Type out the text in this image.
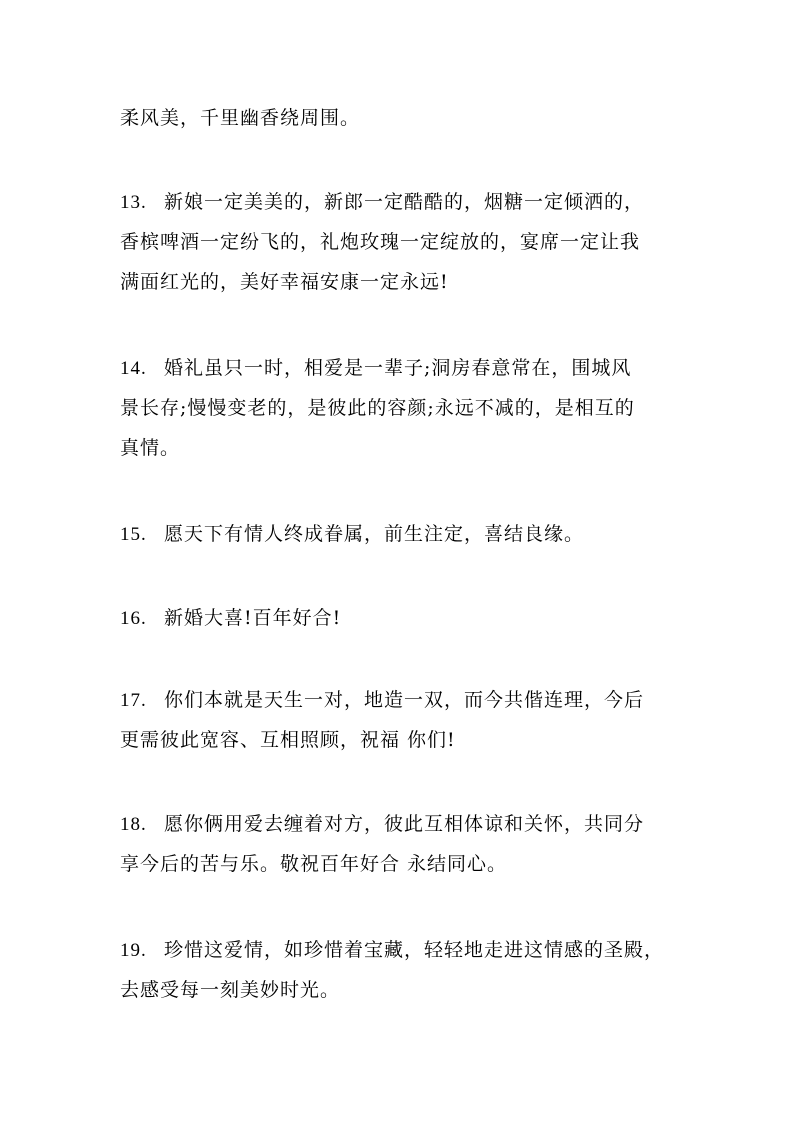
柔风美，千里幽香绕周围。

13. 新娘一定美美的，新郎一定酷酷的，烟糖一定倾洒的，
香槟啤酒一定纷飞的，礼炮玫瑰一定绽放的，宴席一定让我
满面红光的，美好幸福安康一定永远!

14. 婚礼虽只一时，相爱是一辈子;洞房春意常在，围城风
景长存;慢慢变老的，是彼此的容颜;永远不减的，是相互的
真情。

15. 愿天下有情人终成眷属，前生注定，喜结良缘。

16. 新婚大喜!百年好合!

17. 你们本就是天生一对，地造一双，而今共偕连理，今后
更需彼此宽容、互相照顾，祝福 你们!

18. 愿你俩用爱去缠着对方，彼此互相体谅和关怀，共同分
享今后的苦与乐。敬祝百年好合 永结同心。

19. 珍惜这爱情，如珍惜着宝藏，轻轻地走进这情感的圣殿，
去感受每一刻美妙时光。
